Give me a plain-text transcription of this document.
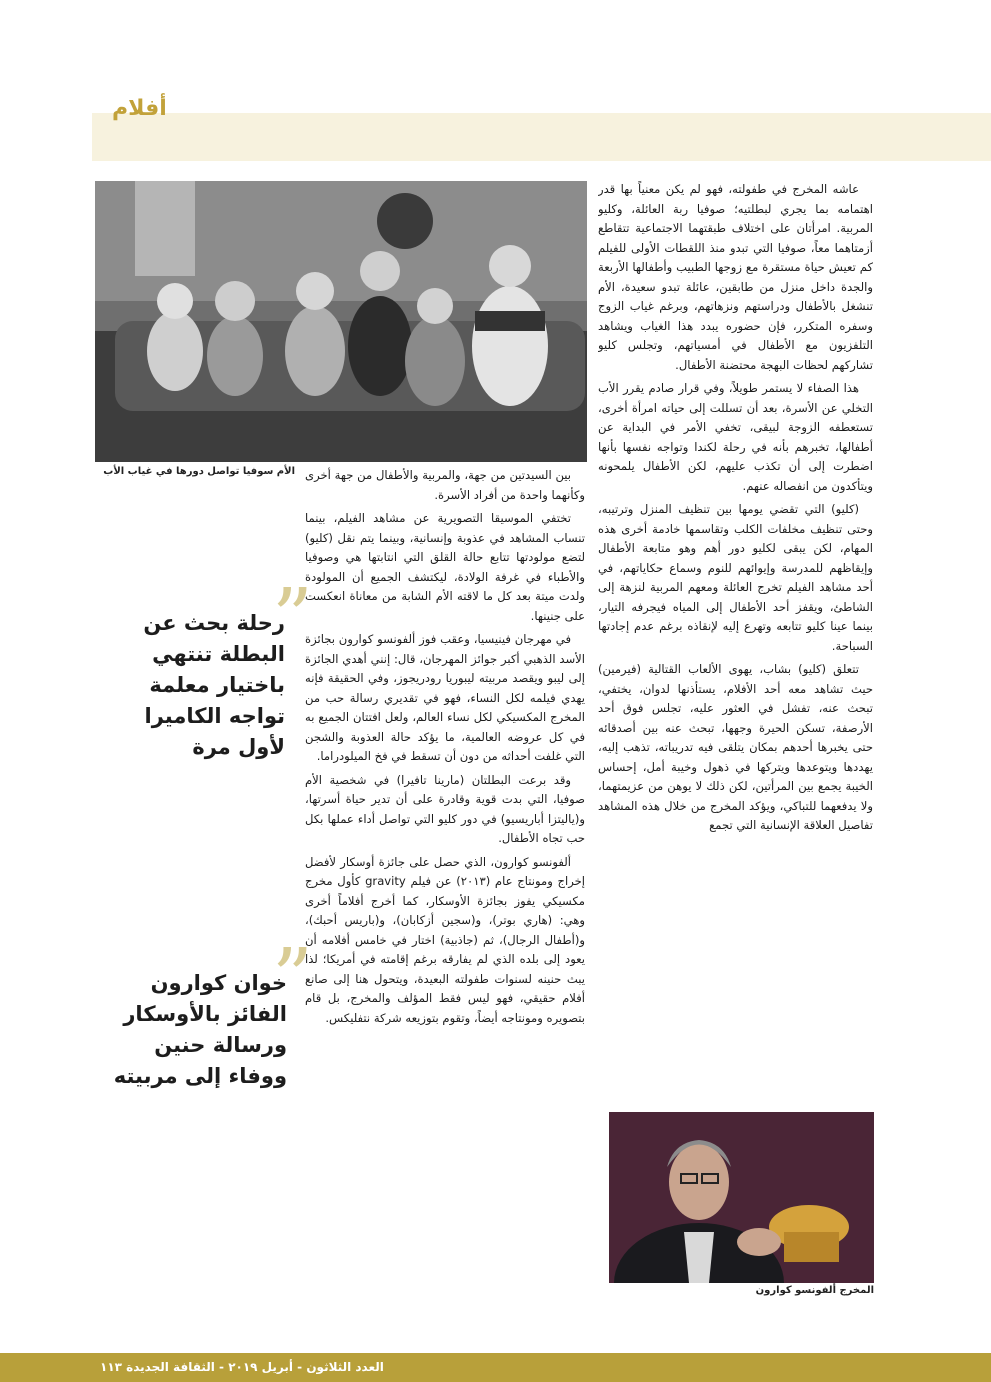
أفلام
الأم سوفيا تواصل دورها في غياب الأب

عاشه المخرج في طفولته، فهو لم يكن معنياً بها قدر اهتمامه بما يجري لبطلتيه؛ صوفيا ربة العائلة، وكليو المربية. امرأتان على اختلاف طبقتهما الاجتماعية تتقاطع أزمتاهما معاً، صوفيا التي تبدو منذ اللقطات الأولى للفيلم كم تعيش حياة مستقرة مع زوجها الطبيب وأطفالها الأربعة والجدة داخل منزل من طابقين، عائلة تبدو سعيدة، الأم تنشغل بالأطفال ودراستهم ونزهاتهم، وبرغم غياب الزوج وسفره المتكرر، فإن حضوره يبدد هذا الغياب ويشاهد التلفزيون مع الأطفال في أمسياتهم، وتجلس كليو تشاركهم لحظات البهجة محتضنة الأطفال.

هذا الصفاء لا يستمر طويلاً، وفي قرار صادم يقرر الأب التخلي عن الأسرة، بعد أن تسللت إلى حياته امرأة أخرى، تستعطفه الزوجة لبيقى، تخفي الأمر في البداية عن أطفالها، تخبرهم بأنه في رحلة لكندا وتواجه نفسها بأنها اضطرت إلى أن تكذب عليهم، لكن الأطفال يلمحونه ويتأكدون من انفصاله عنهم.

(كليو) التي تقضي يومها بين تنظيف المنزل وترتيبه، وحتى تنظيف مخلفات الكلب وتقاسمها خادمة أخرى هذه المهام، لكن يبقى لكليو دور أهم وهو متابعة الأطفال وإيقاظهم للمدرسة وإيوائهم للنوم وسماع حكاياتهم، في أحد مشاهد الفيلم تخرج العائلة ومعهم المربية لنزهة إلى الشاطئ، ويقفز أحد الأطفال إلى المياه فيجرفه التيار، بينما عينا كليو تتابعه وتهرع إليه لإنقاذه برغم عدم إجادتها السباحة.

تتعلق (كليو) بشاب، يهوى الألعاب القتالية (فيرمين) حيث تشاهد معه أحد الأفلام، يستأذنها لدوان، يختفي، تبحث عنه، تفشل في العثور عليه، تجلس فوق أحد الأرصفة، تسكن الحيرة وجهها، تبحث عنه بين أصدقائه حتى يخبرها أحدهم بمكان يتلقى فيه تدريباته، تذهب إليه، يهددها ويتوعدها ويتركها في ذهول وخيبة أمل، إحساس الخيبة يجمع بين المرأتين، لكن ذلك لا يوهن من عزيمتهما، ولا يدفعهما للتباكي، ويؤكد المخرج من خلال هذه المشاهد تفاصيل العلاقة الإنسانية التي تجمع

بين السيدتين من جهة، والمربية والأطفال من جهة أخرى وكأنهما واحدة من أفراد الأسرة.

تختفي الموسيقا التصويرية عن مشاهد الفيلم، بينما تنساب المشاهد في عذوبة وإنسانية، وبينما يتم نقل (كليو) لتضع مولودتها تتابع حالة القلق التي انتابتها هي وصوفيا والأطباء في غرفة الولادة، ليكتشف الجميع أن المولودة ولدت ميتة بعد كل ما لاقته الأم الشابة من معاناة انعكست على جنينها.

في مهرجان فينيسيا، وعقب فوز ألفونسو كوارون بجائزة الأسد الذهبي أكبر جوائز المهرجان، قال: إنني أهدي الجائزة إلى ليبو ويقصد مربيته ليبوريا رودريجوز، وفي الحقيقة فإنه يهدي فيلمه لكل النساء، فهو في تقديري رسالة حب من المخرج المكسيكي لكل نساء العالم، ولعل افتتان الجميع به في كل عروضه العالمية، ما يؤكد حالة العذوبة والشجن التي غلفت أحداثه من دون أن تسقط في فخ الميلودراما.

وقد برعت البطلتان (مارينا تافيرا) في شخصية الأم صوفيا، التي بدت قوية وقادرة على أن تدير حياة أسرتها، و(ياليتزا أباريسيو) في دور كليو التي تواصل أداء عملها بكل حب تجاه الأطفال.

ألفونسو كوارون، الذي حصل على جائزة أوسكار لأفضل إخراج ومونتاج عام (٢٠١٣) عن فيلم gravity كأول مخرج مكسيكي يفوز بجائزة الأوسكار، كما أخرج أفلاماً أخرى وهي: (هاري بوتر)، و(سجين أزكابان)، و(باريس أحبك)، و(أطفال الرجال)، ثم (جاذبية) اختار في خامس أفلامه أن يعود إلى بلده الذي لم يفارقه برغم إقامته في أمريكا؛ لذا يبث حنينه لسنوات طفولته البعيدة، ويتحول هنا إلى صانع أفلام حقيقي، فهو ليس فقط المؤلف والمخرج، بل قام بتصويره ومونتاجه أيضاً، وتقوم بتوزيعه شركة نتفليكس.

”
رحلة بحث عن البطلة تنتهي باختيار معلمة تواجه الكاميرا لأول مرة
”
خوان كوارون الفائز بالأوسكار ورسالة حنين ووفاء إلى مربيته
المخرج ألفونسو كوارون
العدد الثلاثون - أبريل ٢٠١٩ - الثقافة الجديدة ١١٣
